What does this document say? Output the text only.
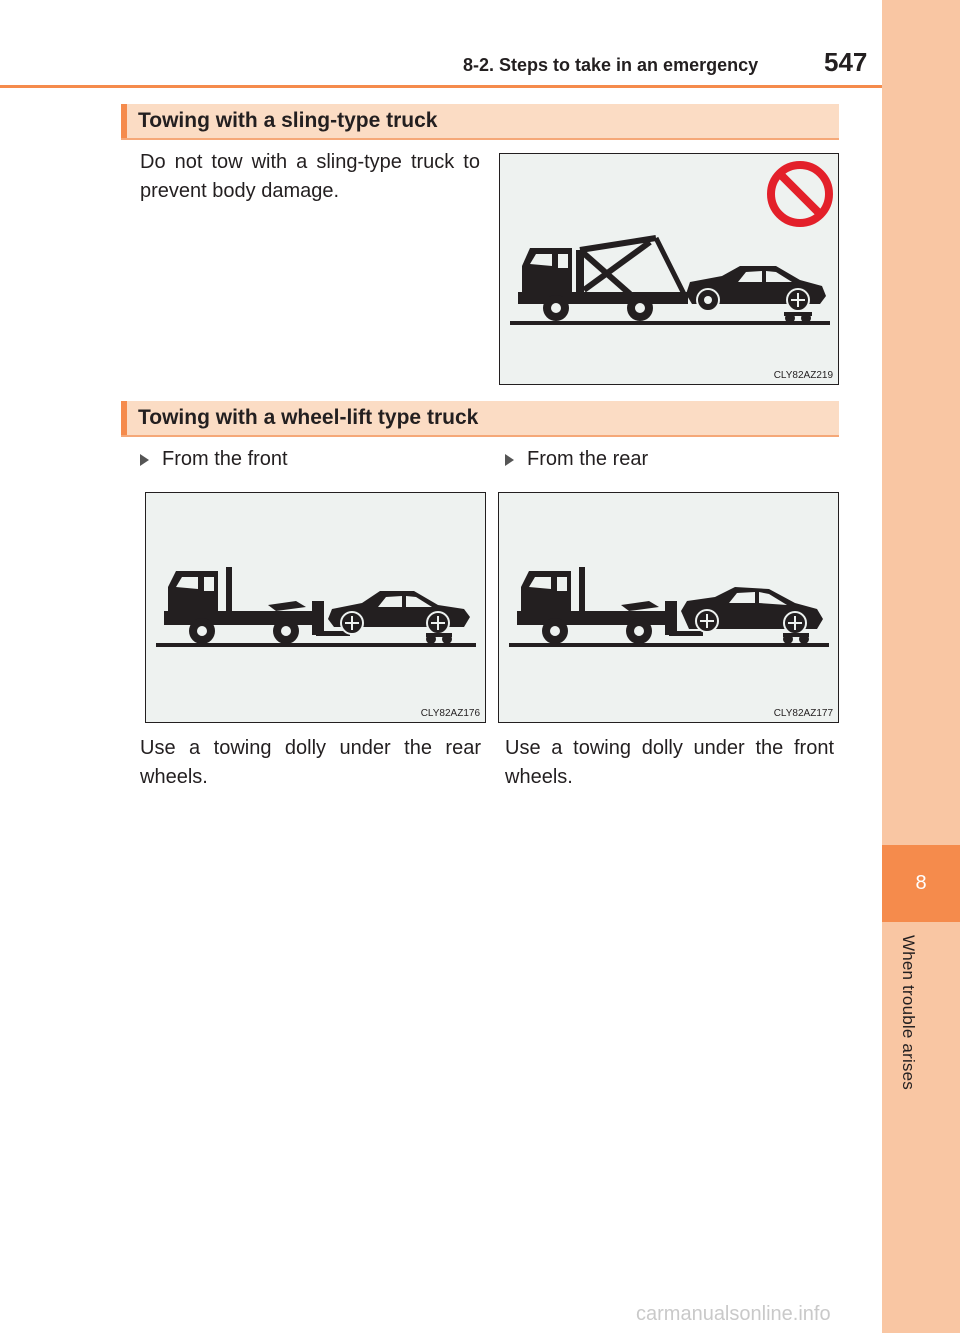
8
When trouble arises
8-2. Steps to take in an emergency	547
Towing with a sling-type truck
Do not tow with a sling-type truck to prevent body damage.
CLY82AZ219
Towing with a wheel-lift type truck
From the front	From the rear
CLY82AZ176	CLY82AZ177
Use a towing dolly under the rear wheels.
Use a towing dolly under the front wheels.
carmanualsonline.info
